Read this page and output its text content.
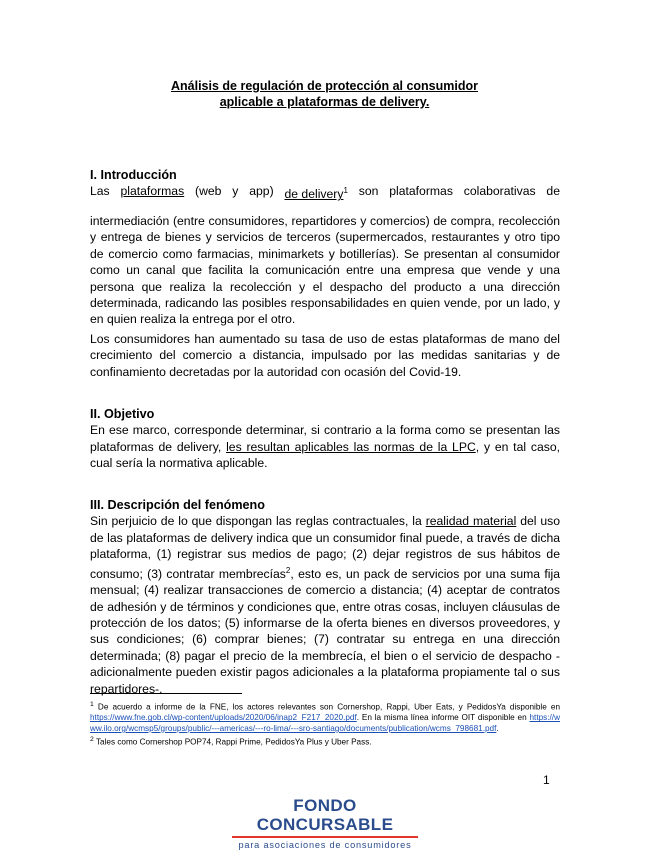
Análisis de regulación de protección al consumidor
aplicable a plataformas de delivery.
I. Introducción
Las plataformas (web y app) de delivery$^1$ son plataformas colaborativas de
intermediación (entre consumidores, repartidores y comercios) de compra, recolección y entrega de bienes y servicios de terceros (supermercados, restaurantes y otro tipo de comercio como farmacias, minimarkets y botillerías). Se presentan al consumidor como un canal que facilita la comunicación entre una empresa que vende y una persona que realiza la recolección y el despacho del producto a una dirección determinada, radicando las posibles responsabilidades en quien vende, por un lado, y en quien realiza la entrega por el otro.
Los consumidores han aumentado su tasa de uso de estas plataformas de mano del crecimiento del comercio a distancia, impulsado por las medidas sanitarias y de confinamiento decretadas por la autoridad con ocasión del Covid-19.
II. Objetivo
En ese marco, corresponde determinar, si contrario a la forma como se presentan las plataformas de delivery, les resultan aplicables las normas de la LPC, y en tal caso, cual sería la normativa aplicable.
III. Descripción del fenómeno
Sin perjuicio de lo que dispongan las reglas contractuales, la realidad material del uso de las plataformas de delivery indica que un consumidor final puede, a través de dicha plataforma, (1) registrar sus medios de pago; (2) dejar registros de sus hábitos de consumo; (3) contratar membrecías$^2$, esto es, un pack de servicios por una suma fija mensual; (4) realizar transacciones de comercio a distancia; (4) aceptar de contratos de adhesión y de términos y condiciones que, entre otras cosas, incluyen cláusulas de protección de los datos; (5) informarse de la oferta bienes en diversos proveedores, y sus condiciones; (6) comprar bienes; (7) contratar su entrega en una dirección determinada; (8) pagar el precio de la membrecía, el bien o el servicio de despacho -adicionalmente pueden existir pagos adicionales a la plataforma propiamente tal o sus repartidores-.
$^1$ De acuerdo a informe de la FNE, los actores relevantes son Cornershop, Rappi, Uber Eats, y PedidosYa disponible en https://www.fne.gob.cl/wp-content/uploads/2020/06/inap2_F217_2020.pdf. En la misma línea informe OIT disponible en https://www.ilo.org/wcmsp5/groups/public/---americas/---ro-lima/---sro-santiago/documents/publication/wcms_798681.pdf.
$^2$ Tales como Cornershop POP74, Rappi Prime, PedidosYa Plus y Uber Pass.
1
FONDO CONCURSABLE
para asociaciones de consumidores
